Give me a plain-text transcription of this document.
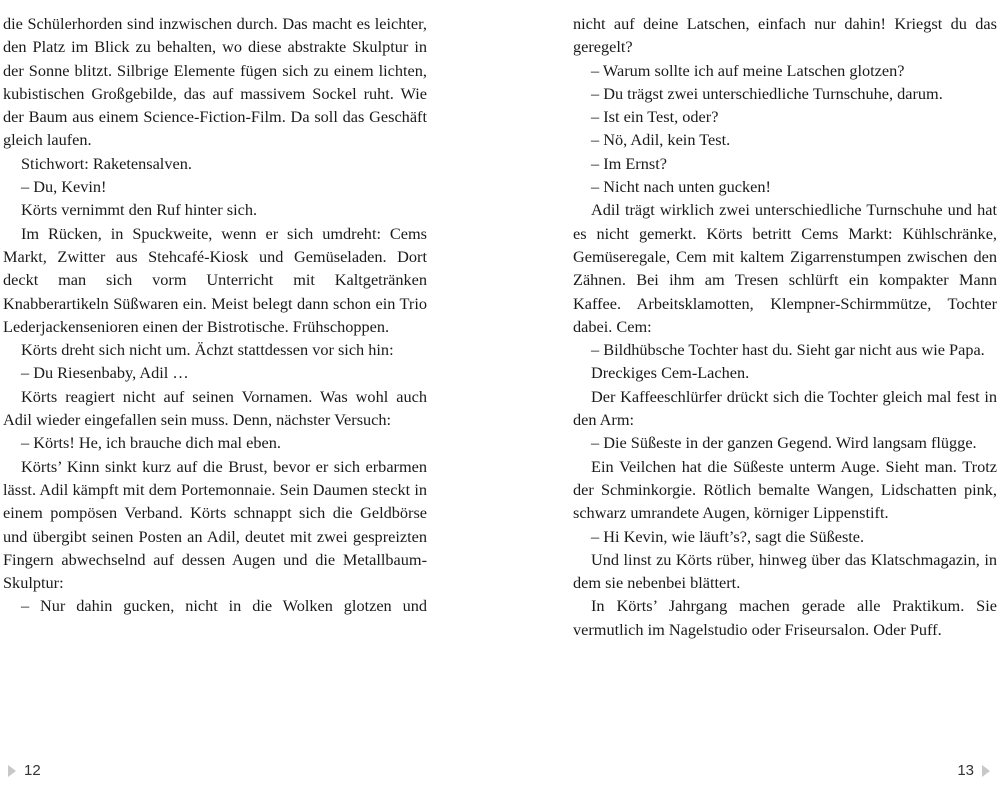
die Schülerhorden sind inzwischen durch. Das macht es leichter, den Platz im Blick zu behalten, wo diese abstrakte Skulptur in der Sonne blitzt. Silbrige Elemente fügen sich zu einem lichten, kubistischen Großgebilde, das auf massivem Sockel ruht. Wie der Baum aus einem Science-Fiction-Film. Da soll das Geschäft gleich laufen.

Stichwort: Raketensalven.

– Du, Kevin!

Körts vernimmt den Ruf hinter sich.

Im Rücken, in Spuckweite, wenn er sich umdreht: Cems Markt, Zwitter aus Stehcafé-Kiosk und Gemüseladen. Dort deckt man sich vorm Unterricht mit Kaltgetränken Knabberartikeln Süßwaren ein. Meist belegt dann schon ein Trio Lederjackensenioren einen der Bistrotische. Frühschoppen.

Körts dreht sich nicht um. Ächzt stattdessen vor sich hin:

– Du Riesenbaby, Adil …

Körts reagiert nicht auf seinen Vornamen. Was wohl auch Adil wieder eingefallen sein muss. Denn, nächster Versuch:

– Körts! He, ich brauche dich mal eben.

Körts’ Kinn sinkt kurz auf die Brust, bevor er sich erbarmen lässt. Adil kämpft mit dem Portemonnaie. Sein Daumen steckt in einem pompösen Verband. Körts schnappt sich die Geldbörse und übergibt seinen Posten an Adil, deutet mit zwei gespreizten Fingern abwechselnd auf dessen Augen und die Metallbaum-Skulptur:

– Nur dahin gucken, nicht in die Wolken glotzen und

nicht auf deine Latschen, einfach nur dahin! Kriegst du das geregelt?

– Warum sollte ich auf meine Latschen glotzen?

– Du trägst zwei unterschiedliche Turnschuhe, darum.

– Ist ein Test, oder?

– Nö, Adil, kein Test.

– Im Ernst?

– Nicht nach unten gucken!

Adil trägt wirklich zwei unterschiedliche Turnschuhe und hat es nicht gemerkt. Körts betritt Cems Markt: Kühlschränke, Gemüseregale, Cem mit kaltem Zigarrenstumpen zwischen den Zähnen. Bei ihm am Tresen schlürft ein kompakter Mann Kaffee. Arbeitsklamotten, Klempner-Schirmmütze, Tochter dabei. Cem:

– Bildhübsche Tochter hast du. Sieht gar nicht aus wie Papa.

Dreckiges Cem-Lachen.

Der Kaffeeschlürfer drückt sich die Tochter gleich mal fest in den Arm:

– Die Süßeste in der ganzen Gegend. Wird langsam flügge.

Ein Veilchen hat die Süßeste unterm Auge. Sieht man. Trotz der Schminkorgie. Rötlich bemalte Wangen, Lidschatten pink, schwarz umrandete Augen, körniger Lippenstift.

– Hi Kevin, wie läuft’s?, sagt die Süßeste.

Und linst zu Körts rüber, hinweg über das Klatschmagazin, in dem sie nebenbei blättert.

In Körts’ Jahrgang machen gerade alle Praktikum. Sie vermutlich im Nagelstudio oder Friseursalon. Oder Puff.

12	13
